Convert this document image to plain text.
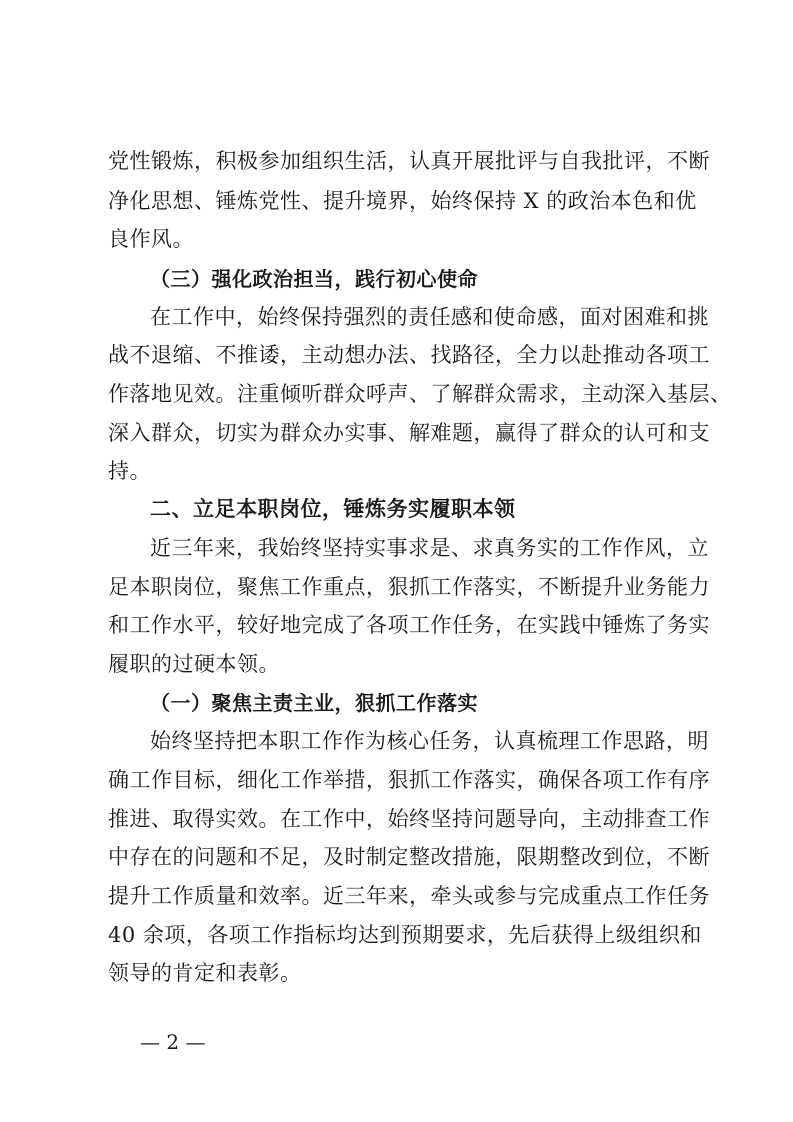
党性锻炼，积极参加组织生活，认真开展批评与自我批评，不断
净化思想、锤炼党性、提升境界，始终保持 X 的政治本色和优
良作风。
（三）强化政治担当，践行初心使命
在工作中，始终保持强烈的责任感和使命感，面对困难和挑
战不退缩、不推诿，主动想办法、找路径，全力以赴推动各项工
作落地见效。注重倾听群众呼声、了解群众需求，主动深入基层、
深入群众，切实为群众办实事、解难题，赢得了群众的认可和支
持。
二、立足本职岗位，锤炼务实履职本领
近三年来，我始终坚持实事求是、求真务实的工作作风，立
足本职岗位，聚焦工作重点，狠抓工作落实，不断提升业务能力
和工作水平，较好地完成了各项工作任务，在实践中锤炼了务实
履职的过硬本领。
（一）聚焦主责主业，狠抓工作落实
始终坚持把本职工作作为核心任务，认真梳理工作思路，明
确工作目标，细化工作举措，狠抓工作落实，确保各项工作有序
推进、取得实效。在工作中，始终坚持问题导向，主动排查工作
中存在的问题和不足，及时制定整改措施，限期整改到位，不断
提升工作质量和效率。近三年来，牵头或参与完成重点工作任务
40 余项，各项工作指标均达到预期要求，先后获得上级组织和
领导的肯定和表彰。
— 2 —
